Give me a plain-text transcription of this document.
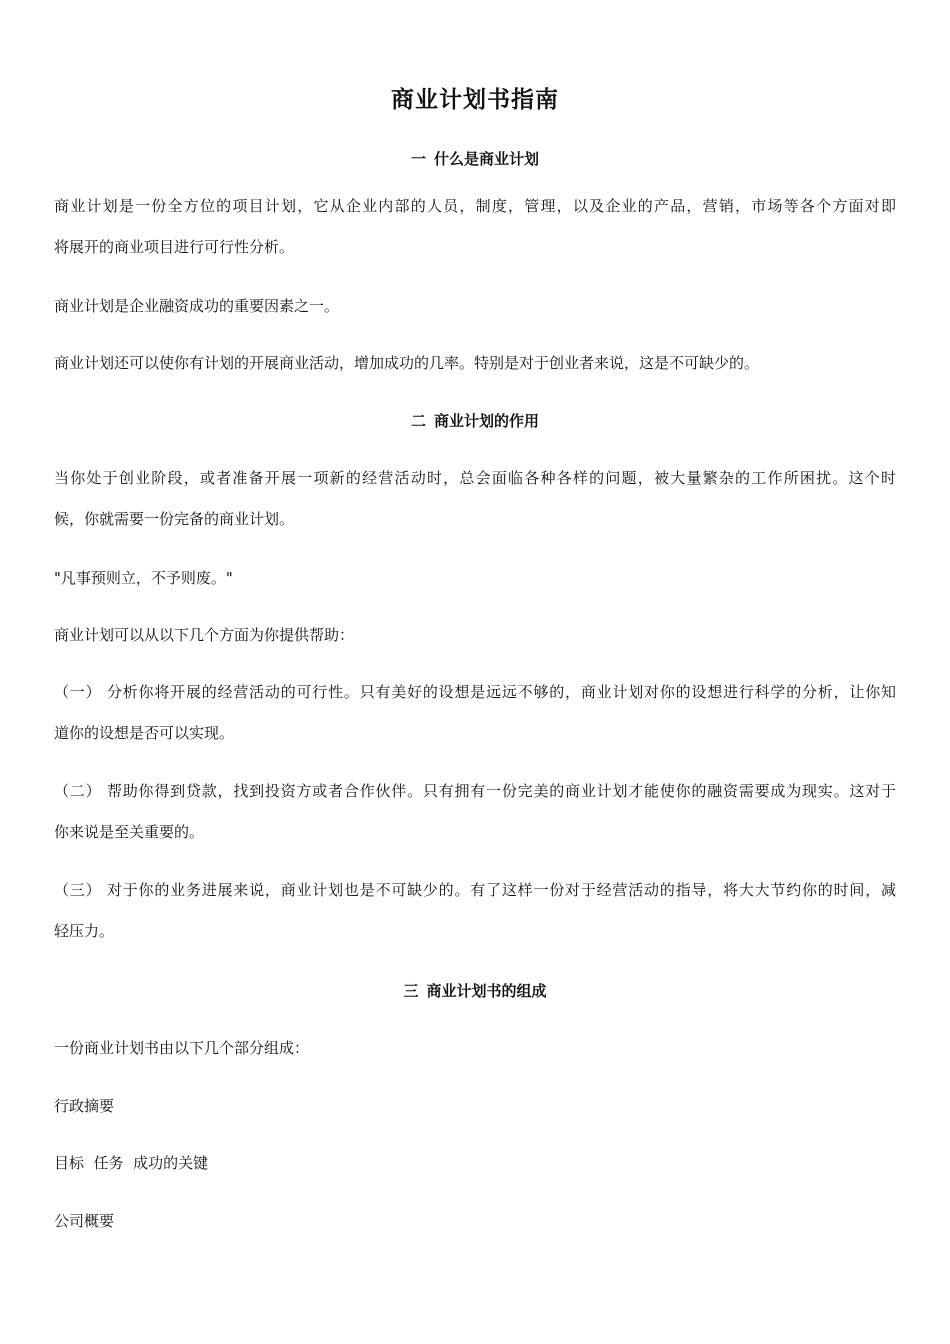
商业计划书指南
一 什么是商业计划
商业计划是一份全方位的项目计划，它从企业内部的人员，制度，管理，以及企业的产品，营销，市场等各个方面对即
将展开的商业项目进行可行性分析。
商业计划是企业融资成功的重要因素之一。
商业计划还可以使你有计划的开展商业活动，增加成功的几率。特别是对于创业者来说，这是不可缺少的。
二 商业计划的作用
当你处于创业阶段，或者准备开展一项新的经营活动时，总会面临各种各样的问题，被大量繁杂的工作所困扰。这个时
候，你就需要一份完备的商业计划。
"凡事预则立，不予则废。"
商业计划可以从以下几个方面为你提供帮助：
（一） 分析你将开展的经营活动的可行性。只有美好的设想是远远不够的，商业计划对你的设想进行科学的分析，让你知
道你的设想是否可以实现。
（二） 帮助你得到贷款，找到投资方或者合作伙伴。只有拥有一份完美的商业计划才能使你的融资需要成为现实。这对于
你来说是至关重要的。
（三） 对于你的业务进展来说，商业计划也是不可缺少的。有了这样一份对于经营活动的指导，将大大节约你的时间，减
轻压力。
三 商业计划书的组成
一份商业计划书由以下几个部分组成：
行政摘要
目标  任务  成功的关键
公司概要
